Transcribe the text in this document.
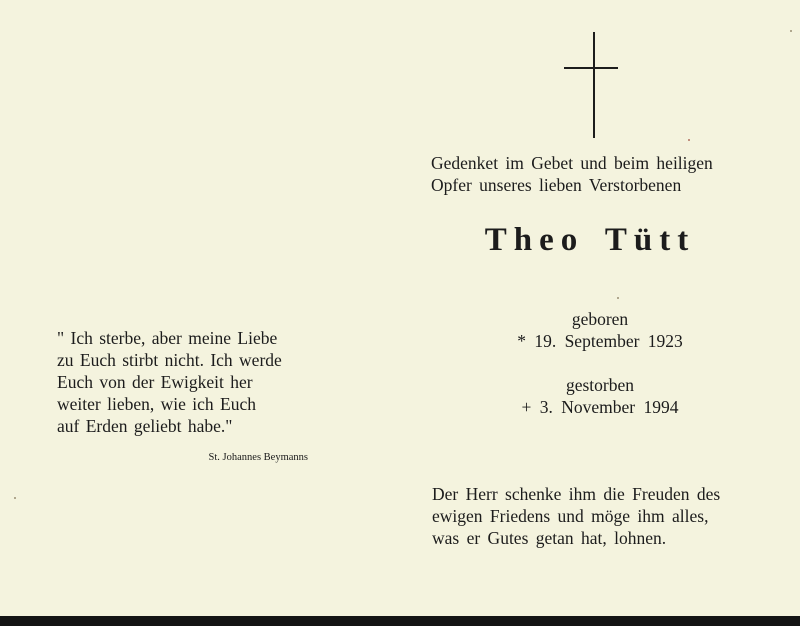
Gedenket im Gebet und beim heiligen
Opfer unseres lieben Verstorbenen
Theo Tütt
geboren
* 19. September 1923
gestorben
+ 3. November 1994
Der Herr schenke ihm die Freuden des
ewigen Friedens und möge ihm alles,
was er Gutes getan hat, lohnen.
" Ich sterbe, aber meine Liebe
zu Euch stirbt nicht. Ich werde
Euch von der Ewigkeit her
weiter lieben, wie ich Euch
auf Erden geliebt habe."
St. Johannes Beymanns
